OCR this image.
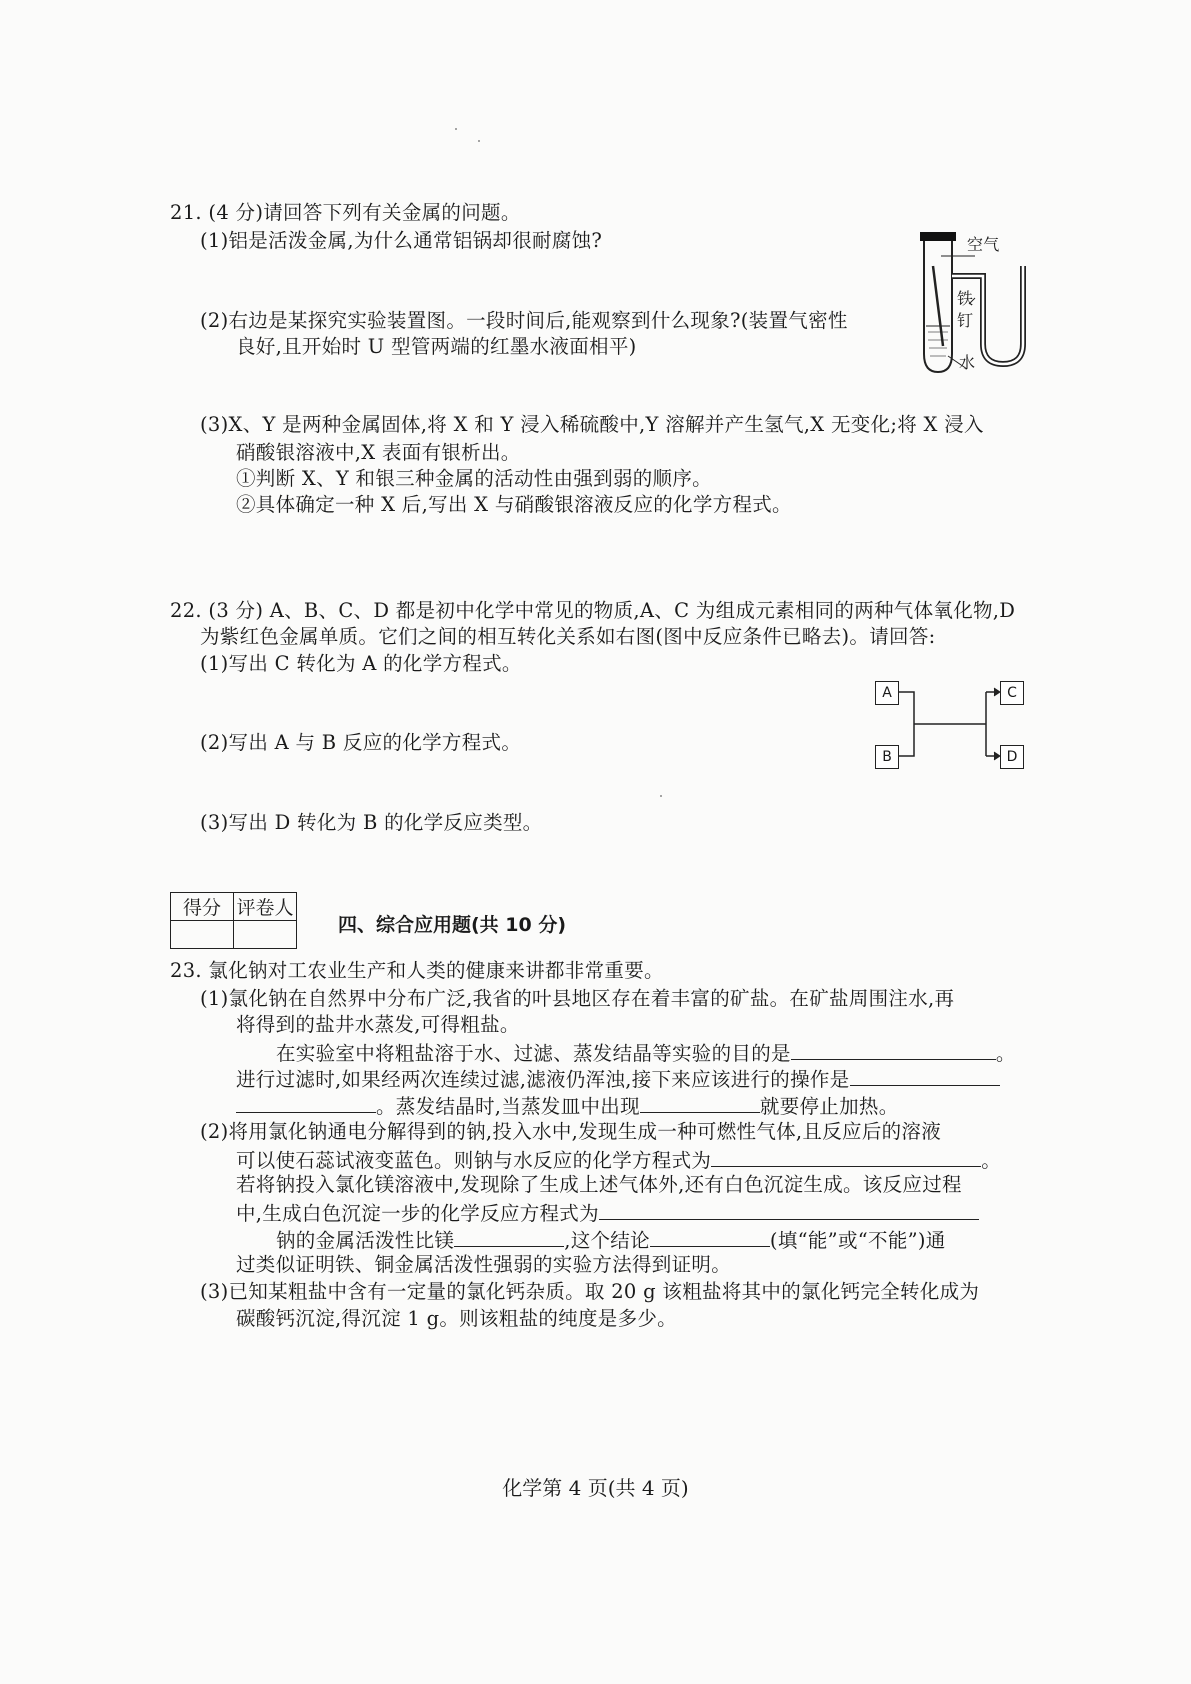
21. (4 分)请回答下列有关金属的问题。
(1)铝是活泼金属,为什么通常铝锅却很耐腐蚀?
(2)右边是某探究实验装置图。一段时间后,能观察到什么现象?(装置气密性
良好,且开始时 U 型管两端的红墨水液面相平)
空气
铁
钉
水
(3)X、Y 是两种金属固体,将 X 和 Y 浸入稀硫酸中,Y 溶解并产生氢气,X 无变化;将 X 浸入
硝酸银溶液中,X 表面有银析出。
①判断 X、Y 和银三种金属的活动性由强到弱的顺序。
②具体确定一种 X 后,写出 X 与硝酸银溶液反应的化学方程式。
22. (3 分) A、B、C、D 都是初中化学中常见的物质,A、C 为组成元素相同的两种气体氧化物,D
为紫红色金属单质。它们之间的相互转化关系如右图(图中反应条件已略去)。请回答:
(1)写出 C 转化为 A 的化学方程式。
(2)写出 A 与 B 反应的化学方程式。
(3)写出 D 转化为 B 的化学反应类型。
A
B
C
D
得分	评卷人

四、综合应用题(共 10 分)
23. 氯化钠对工农业生产和人类的健康来讲都非常重要。
(1)氯化钠在自然界中分布广泛,我省的叶县地区存在着丰富的矿盐。在矿盐周围注水,再
将得到的盐井水蒸发,可得粗盐。
在实验室中将粗盐溶于水、过滤、蒸发结晶等实验的目的是	。
进行过滤时,如果经两次连续过滤,滤液仍浑浊,接下来应该进行的操作是
。蒸发结晶时,当蒸发皿中出现	就要停止加热。
(2)将用氯化钠通电分解得到的钠,投入水中,发现生成一种可燃性气体,且反应后的溶液
可以使石蕊试液变蓝色。则钠与水反应的化学方程式为	。
若将钠投入氯化镁溶液中,发现除了生成上述气体外,还有白色沉淀生成。该反应过程
中,生成白色沉淀一步的化学反应方程式为
钠的金属活泼性比镁	,这个结论	(填“能”或“不能”)通
过类似证明铁、铜金属活泼性强弱的实验方法得到证明。
(3)已知某粗盐中含有一定量的氯化钙杂质。取 20 g 该粗盐将其中的氯化钙完全转化成为
碳酸钙沉淀,得沉淀 1 g。则该粗盐的纯度是多少。
化学第 4 页(共 4 页)
